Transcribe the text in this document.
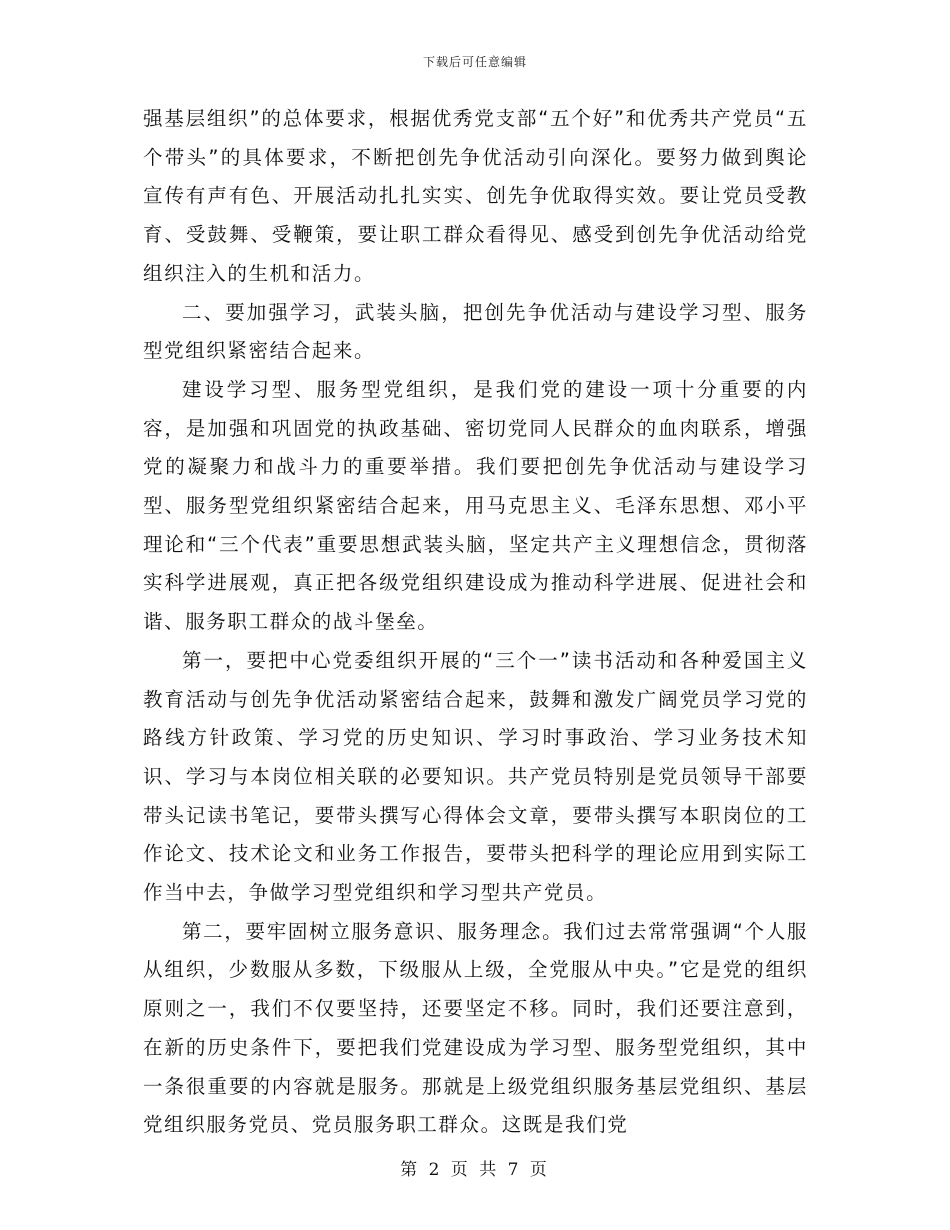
下载后可任意编辑

强基层组织”的总体要求，根据优秀党支部“五个好”和优秀共产党员“五个带头”的具体要求，不断把创先争优活动引向深化。要努力做到舆论宣传有声有色、开展活动扎扎实实、创先争优取得实效。要让党员受教育、受鼓舞、受鞭策，要让职工群众看得见、感受到创先争优活动给党组织注入的生机和活力。

二、要加强学习，武装头脑，把创先争优活动与建设学习型、服务型党组织紧密结合起来。

建设学习型、服务型党组织，是我们党的建设一项十分重要的内容，是加强和巩固党的执政基础、密切党同人民群众的血肉联系，增强党的凝聚力和战斗力的重要举措。我们要把创先争优活动与建设学习型、服务型党组织紧密结合起来，用马克思主义、毛泽东思想、邓小平理论和“三个代表”重要思想武装头脑，坚定共产主义理想信念，贯彻落实科学进展观，真正把各级党组织建设成为推动科学进展、促进社会和谐、服务职工群众的战斗堡垒。

第一，要把中心党委组织开展的“三个一”读书活动和各种爱国主义教育活动与创先争优活动紧密结合起来，鼓舞和激发广阔党员学习党的路线方针政策、学习党的历史知识、学习时事政治、学习业务技术知识、学习与本岗位相关联的必要知识。共产党员特别是党员领导干部要带头记读书笔记，要带头撰写心得体会文章，要带头撰写本职岗位的工作论文、技术论文和业务工作报告，要带头把科学的理论应用到实际工作当中去，争做学习型党组织和学习型共产党员。

第二，要牢固树立服务意识、服务理念。我们过去常常强调“个人服从组织，少数服从多数，下级服从上级，全党服从中央。”它是党的组织原则之一，我们不仅要坚持，还要坚定不移。同时，我们还要注意到，在新的历史条件下，要把我们党建设成为学习型、服务型党组织，其中一条很重要的内容就是服务。那就是上级党组织服务基层党组织、基层党组织服务党员、党员服务职工群众。这既是我们党

第 2 页 共 7 页
